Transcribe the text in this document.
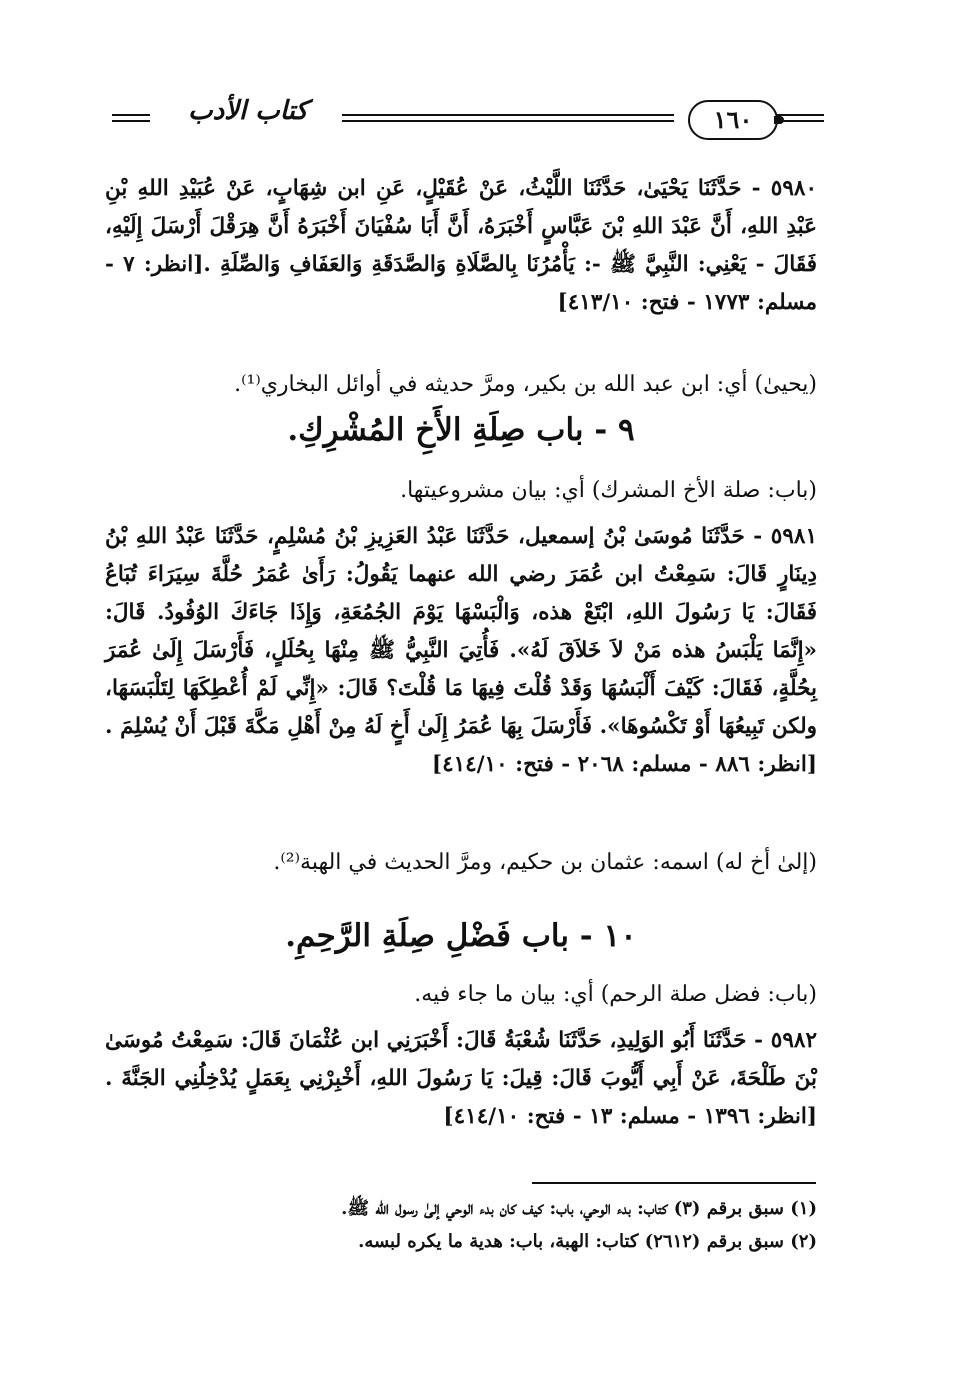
كتاب الأدب	١٦٠

٥٩٨٠ - حَدَّثَنَا يَحْيَىٰ، حَدَّثَنَا اللَّيْثُ، عَنْ عُقَيْلٍ، عَنِ ابن شِهَابٍ، عَنْ عُبَيْدِ اللهِ بْنِ عَبْدِ اللهِ، أَنَّ عَبْدَ اللهِ بْنَ عَبَّاسٍ أَخْبَرَهُ، أَنَّ أَبَا سُفْيَانَ أَخْبَرَهُ أَنَّ هِرَقْلَ أَرْسَلَ إِلَيْهِ، فَقَالَ - يَعْنِي: النَّبِيَّ ﷺ -: يَأْمُرُنَا بِالصَّلَاةِ وَالصَّدَقَةِ وَالعَفَافِ وَالصِّلَةِ .[انظر: ٧ - مسلم: ١٧٧٣ - فتح: ٤١٣/١٠]

(يحيىٰ) أي: ابن عبد الله بن بكير، ومرَّ حديثه في أوائل البخاري⁽¹⁾.

٩ - باب صِلَةِ الأَخِ المُشْرِكِ.

(باب: صلة الأخ المشرك) أي: بيان مشروعيتها.

٥٩٨١ - حَدَّثَنَا مُوسَىٰ بْنُ إسمعيل، حَدَّثَنَا عَبْدُ العَزِيزِ بْنُ مُسْلِمٍ، حَدَّثَنَا عَبْدُ اللهِ بْنُ دِينَارٍ قَالَ: سَمِعْتُ ابن عُمَرَ رضي الله عنهما يَقُولُ: رَأَىٰ عُمَرُ حُلَّةَ سِيَرَاءَ تُبَاعُ فَقَالَ: يَا رَسُولَ اللهِ، ابْتَعْ هذه، وَالْبَسْهَا يَوْمَ الجُمُعَةِ، وَإِذَا جَاءَكَ الوُفُودُ. قَالَ: «إِنَّمَا يَلْبَسُ هذه مَنْ لاَ خَلاَقَ لَهُ». فَأُتِيَ النَّبِيُّ ﷺ مِنْهَا بِحُلَلٍ، فَأَرْسَلَ إِلَىٰ عُمَرَ بِحُلَّةٍ، فَقَالَ: كَيْفَ أَلْبَسُهَا وَقَدْ قُلْتَ فِيهَا مَا قُلْتَ؟ قَالَ: «إِنِّي لَمْ أُعْطِكَهَا لِتَلْبَسَهَا، ولكن تَبِيعُهَا أَوْ تَكْسُوهَا». فَأَرْسَلَ بِهَا عُمَرُ إِلَىٰ أَخٍ لَهُ مِنْ أَهْلِ مَكَّةَ قَبْلَ أَنْ يُسْلِمَ .[انظر: ٨٨٦ - مسلم: ٢٠٦٨ - فتح: ٤١٤/١٠]

(إلىٰ أخ له) اسمه: عثمان بن حكيم، ومرَّ الحديث في الهبة⁽²⁾.

١٠ - باب فَضْلِ صِلَةِ الرَّحِمِ.

(باب: فضل صلة الرحم) أي: بيان ما جاء فيه.

٥٩٨٢ - حَدَّثَنَا أَبُو الوَلِيدِ، حَدَّثَنَا شُعْبَةُ قَالَ: أَخْبَرَنِي ابن عُثْمَانَ قَالَ: سَمِعْتُ مُوسَىٰ بْنَ طَلْحَةَ، عَنْ أَبِي أَيُّوبَ قَالَ: قِيلَ: يَا رَسُولَ اللهِ، أَخْبِرْنِي بِعَمَلٍ يُدْخِلُنِي الجَنَّةَ .[انظر: ١٣٩٦ - مسلم: ١٣ - فتح: ٤١٤/١٠]

(١) سبق برقم (٣) كتاب: بدء الوحي، باب: كيف كان بدء الوحي إلىٰ رسول الله ﷺ.

(٢) سبق برقم (٢٦١٢) كتاب: الهبة، باب: هدية ما يكره لبسه.
